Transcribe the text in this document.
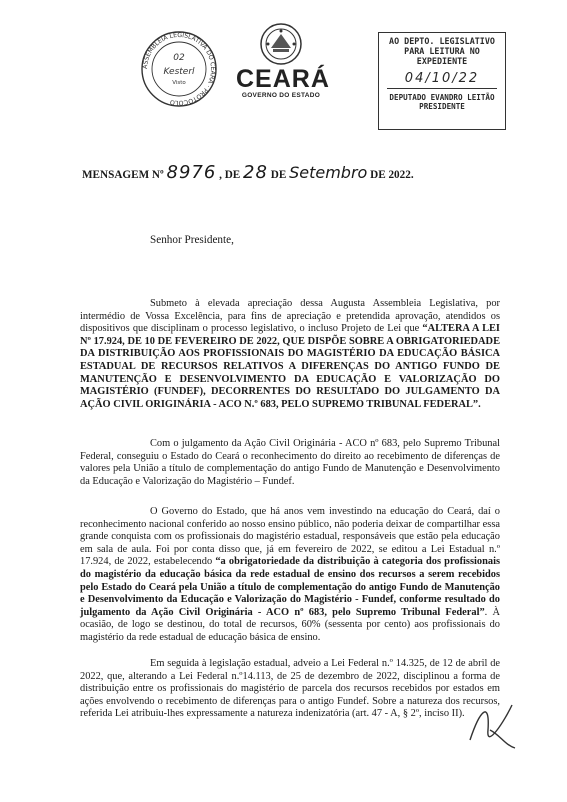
ASSEMBLEIA LEGISLATIVA DO CEARÁ · PROTOCOLO
02
Kesterl
Visto CEARÁ
GOVERNO DO ESTADO
AO DEPTO. LEGISLATIVO
PARA LEITURA NO EXPEDIENTE
04/10/22
DEPUTADO EVANDRO LEITÃO
PRESIDENTE
MENSAGEM Nº 8976 , DE 28 DE Setembro DE 2022.
Senhor Presidente,
Submeto à elevada apreciação dessa Augusta Assembleia Legislativa, por intermédio de Vossa Excelência, para fins de apreciação e pretendida aprovação, atendidos os dispositivos que disciplinam o processo legislativo, o incluso Projeto de Lei que “ALTERA A LEI Nº 17.924, DE 10 DE FEVEREIRO DE 2022, QUE DISPÕE SOBRE A OBRIGATORIEDADE DA DISTRIBUIÇÃO AOS PROFISSIONAIS DO MAGISTÉRIO DA EDUCAÇÃO BÁSICA ESTADUAL DE RECURSOS RELATIVOS A DIFERENÇAS DO ANTIGO FUNDO DE MANUTENÇÃO E DESENVOLVIMENTO DA EDUCAÇÃO E VALORIZAÇÃO DO MAGISTÉRIO (FUNDEF), DECORRENTES DO RESULTADO DO JULGAMENTO DA AÇÃO CIVIL ORIGINÁRIA - ACO N.º 683, PELO SUPREMO TRIBUNAL FEDERAL”.
Com o julgamento da Ação Civil Originária - ACO nº 683, pelo Supremo Tribunal Federal, conseguiu o Estado do Ceará o reconhecimento do direito ao recebimento de diferenças de valores pela União a título de complementação do antigo Fundo de Manutenção e Desenvolvimento da Educação e Valorização do Magistério – Fundef.
O Governo do Estado, que há anos vem investindo na educação do Ceará, daí o reconhecimento nacional conferido ao nosso ensino público, não poderia deixar de compartilhar essa grande conquista com os profissionais do magistério estadual, responsáveis que estão pela educação em sala de aula. Foi por conta disso que, já em fevereiro de 2022, se editou a Lei Estadual n.º 17.924, de 2022, estabelecendo “a obrigatoriedade da distribuição à categoria dos profissionais do magistério da educação básica da rede estadual de ensino dos recursos a serem recebidos pelo Estado do Ceará pela União a título de complementação do antigo Fundo de Manutenção e Desenvolvimento da Educação e Valorização do Magistério - Fundef, conforme resultado do julgamento da Ação Civil Originária - ACO nº 683, pelo Supremo Tribunal Federal”. À ocasião, de logo se destinou, do total de recursos, 60% (sessenta por cento) aos profissionais do magistério da rede estadual de educação básica de ensino.
Em seguida à legislação estadual, adveio a Lei Federal n.º 14.325, de 12 de abril de 2022, que, alterando a Lei Federal n.º14.113, de 25 de dezembro de 2022, disciplinou a forma de distribuição entre os profissionais do magistério de parcela dos recursos recebidos por estados em ações envolvendo o recebimento de diferenças para o antigo Fundef. Sobre a natureza dos recursos, referida Lei atribuiu-lhes expressamente a natureza indenizatória (art. 47 - A, § 2º, inciso II).
